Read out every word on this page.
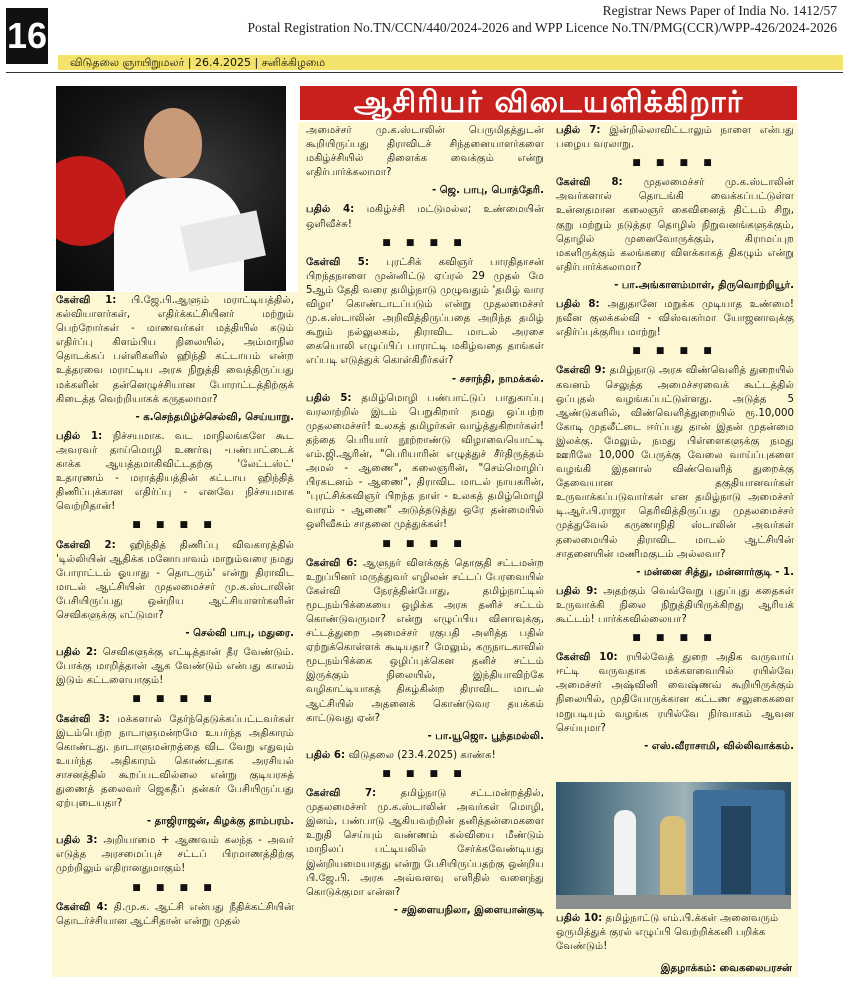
16
Registrar News Paper of India No. 1412/57
Postal Registration No.TN/CCN/440/2024-2026 and WPP Licence No.TN/PMG(CCR)/WPP-426/2024-2026
விடுதலை ஞாயிறுமலர் | 26.4.2025 | சனிக்கிழமை
ஆசிரியர் விடையளிக்கிறார்

கேள்வி 1: பி.ஜே.பி.ஆளும் மராட்டியத்தில், கல்வியாளர்கள், எதிர்க்கட்சியினர் மற்றும் பெற்றோர்கள் - மாணவர்கள் மத்தியில் கடும் எதிர்ப்பு கிளம்பிய நிலையில், அம்மாநில தொடக்கப் பள்ளிகளில் ஹிந்தி கட்டாயம் என்ற உத்தரவை மராட்டிய அரசு நிறுத்தி வைத்திருப்பது மக்களின் தன்னெழுச்சியான போராட்டத்திற்குக் கிடைத்த வெற்றியாகக் கருதலாமா?

- க.செந்தமிழ்ச்செல்வி, செய்யாறு.

பதில் 1: நிச்சயமாக. வட மாநிலங்களே கூட அவரவர் தாய்மொழி உணர்வு -பண்பாட்டைக் காக்க ஆயத்தமாகிவிட்டதற்கு 'லேட்டஸ்ட்' உதாரணம் - மராத்தியத்தின் கட்டாய ஹிந்தித் திணிப்புக்கான எதிர்ப்பு - எனவே நிச்சயமாக வெற்றிதான்!

■ ■ ■ ■

கேள்வி 2: ஹிந்தித் திணிப்பு விவகாரத்தில் 'டில்லியின் ஆதிக்க மனோபாவம் மாறும்வரை நமது போராட்டம் ஓயாது - தொடரும்' என்று திராவிட மாடல் ஆட்சியின் முதலமைச்சர் மு.க.ஸ்டாலின் பேசியிருப்பது ஒன்றிய ஆட்சியாளர்களின் செவிகளுக்கு எட்டுமா?

- செல்வி பாபு, மதுரை.

பதில் 2: செவிகளுக்கு எட்டித்தான் தீர வேண்டும். போக்கு மாறித்தான் ஆக வேண்டும் என்பது காலம் இடும் கட்டளையாகும்!

■ ■ ■ ■

கேள்வி 3: மக்களால் தேர்ந்தெடுக்கப்பட்டவர்கள் இடம்பெற்ற நாடாளுமன்றமே உயர்ந்த அதிகாரம் கொண்டது. நாடாளுமன்றத்தை விட வேறு எதுவும் உயர்ந்த அதிகாரம் கொண்டதாக அரசியல் சாசனத்தில் கூறப்படவில்லை என்று குடியரசுத் துணைத் தலைவர் ஜெகதீப் தன்கர் பேசியிருப்பது ஏற்புடையதா?

- தாஜிராஜன், கிழக்கு தாம்பரம்.

பதில் 3: அறியாமை + ஆணவம் கலந்த - அவர் எடுத்த அரசமைப்புச் சட்டப் பிரமாணத்திற்கு முற்றிலும் எதிரானதுமாகும்!

■ ■ ■ ■

கேள்வி 4: தி.மு.க. ஆட்சி என்பது நீதிக்கட்சியின் தொடர்ச்சியான ஆட்சிதான் என்று முதல்

அமைச்சர் மு.க.ஸ்டாலின் பெருமிதத்துடன் கூறியிருப்பது திராவிடச் சிந்தனையாளர்களை மகிழ்ச்சியில் திளைக்க வைக்கும் என்று எதிர்பார்க்கலாமா?

- ஜெ. பாபு, பொத்தேரி.

பதில் 4: மகிழ்ச்சி மட்டுமல்ல; உண்மையின் ஒளிவீச்சு!

■ ■ ■ ■

கேள்வி 5: புரட்சிக் கவிஞர் பாரதிதாசன் பிறந்தநாளை முன்னிட்டு ஏப்ரல் 29 முதல் மே 5ஆம் தேதி வரை தமிழ்நாடு முழுவதும் 'தமிழ் வார விழா' கொண்டாடப்படும் என்று முதலமைச்சர் மு.க.ஸ்டாலின் அறிவித்திருப்பதை அறிந்த தமிழ் கூறும் நல்லுலகம், திராவிட மாடல் அரசை கையொலி எழுப்பிப் பாராட்டி மகிழ்வதை தாங்கள் எப்படி எடுத்துக் கொள்கிறீர்கள்?

- சசாந்தி, நாமக்கல்.

பதில் 5: தமிழ்மொழி பண்பாட்டுப் பாதுகாப்பு வரலாற்றில் இடம் பெறுகிறார் நமது ஒப்பற்ற முதலமைச்சர்! உலகத் தமிழர்கள் வாழ்த்துகிறார்கள்! தந்தை பெரியார் நூற்றாண்டு விழாவையொட்டி எம்.ஜி.ஆரின், "பெரியாரின் எழுத்துச் சீர்திருத்தம் அமல் - ஆணை", கலைஞரின், "செம்மொழிப் பிரகடனம் - ஆணை", திராவிட மாடல் நாயகரின், "புரட்சிக்கவிஞர் பிறந்த நாள் - உலகத் தமிழ்மொழி வாரம் - ஆணை" அடுத்தடுத்து ஒரே தன்மையில் ஒளிவீசும் சாதனை முத்துக்கள்!

■ ■ ■ ■

கேள்வி 6: ஆளுநர் விளக்குத் தொகுதி சட்டமன்ற உறுப்பினர் மருத்துவர் எழிலன் சட்டப் பேரவையில் கேள்வி நேரத்தின்போது, தமிழ்நாட்டில் மூடநம்பிக்கையை ஒழிக்க அரசு தனிச் சட்டம் கொண்டுவருமா? என்று எழுப்பிய வினாவுக்கு, சட்டத்துறை அமைச்சர் ரகுபதி அளித்த பதில் ஏற்றுக்கொள்ளக் கூடியதா? மேலும், கருநாடகாவில் மூடநம்பிக்கை ஒழிப்புக்கென தனிச் சட்டம் இருக்கும் நிலையில், இந்தியாவிற்கே வழிகாட்டியாகத் திகழ்கின்ற திராவிட மாடல் ஆட்சியில் அதனைக் கொண்டுவர தயக்கம் காட்டுவது ஏன்?

- பா.யூஜொ. பூந்தமல்லி.

பதில் 6: விடுதலை (23.4.2025) காண்க!

■ ■ ■ ■

கேள்வி 7: தமிழ்நாடு சட்டமன்றத்தில், முதலமைச்சர் மு.க.ஸ்டாலின் அவர்கள் மொழி, இனம், பண்பாடு ஆகியவற்றின் தனித்தன்மைகளை உறுதி செய்யும் வண்ணம் கல்வியை மீண்டும் மாநிலப் பட்டியலில் சேர்க்கவேண்டியது இன்றியமையாதது என்று பேசியிருப்பதற்கு ஒன்றிய பி.ஜே.பி. அரசு அவ்வளவு எளிதில் வளைந்து கொடுக்குமா என்ன?

- சஇளையநிலா, இளையான்குடி

பதில் 7: இன்றில்லாவிட்டாலும் நாளை என்பது பழைய வரலாறு.

■ ■ ■ ■

கேள்வி 8: முதலமைச்சர் மு.க.ஸ்டாலின் அவர்களால் தொடங்கி வைக்கப்பட்டுள்ள உன்னதமான கலைஞர் கைவினைத் திட்டம் சிறு, குறு மற்றும் நடுத்தர தொழில் நிறுவனங்களுக்கும், தொழில் முனைவோருக்கும், கிராமப்புற மகளிருக்கும் கலங்கரை விளக்காகத் திகழும் என்று எதிர்பார்க்கலாமா?

- பா.அங்காளம்மாள், திருவொற்றியூர்.

பதில் 8: அதுதானே மறுக்க முடியாத உண்மை! நவீன குலக்கல்வி - விஸ்வகர்மா யோஜனாவுக்கு எதிர்ப்புக்குரிய மாற்று!

■ ■ ■ ■

கேள்வி 9: தமிழ்நாடு அரசு விண்வெளித் துறையில் கவனம் செலுத்த அமைச்சரவைக் கூட்டத்தில் ஒப்புதல் வழங்கப்பட்டுள்ளது. அடுத்த 5 ஆண்டுகளில், விண்வெளித்துறையில் ரூ.10,000 கோடி முதலீட்டை ஈர்ப்பது தான் இதன் முதன்மை இலக்கு. மேலும், நமது பிள்ளைகளுக்கு நமது ஊரிலே 10,000 பேருக்கு வேலை வாய்ப்புகளை வழங்கி இதனால் விண்வெளித் துறைக்கு தேவையான தகுதியானவர்கள் உருவாக்கப்படுவார்கள் என தமிழ்நாடு அமைச்சர் டி.ஆர்.பி.ராஜா தெரிவித்திருப்பது முதலமைச்சர் முத்துவேல் கருணாநிதி ஸ்டாலின் அவர்கள் தலைமையில் திராவிட மாடல் ஆட்சியின் சாதனையின் மணிமகுடம் அல்லவா?

- மன்னை சித்து, மன்னார்குடி - 1.

பதில் 9: அதற்கும் வெவ்வேறு புதுப்புது கதைகள் உருவாக்கி நிலை நிறுத்தியிருக்கிறது ஆரியக் கூட்டம்! பார்க்கவில்லையா?

■ ■ ■ ■

கேள்வி 10: ரயில்வேத் துறை அதிக வருவாய் ஈட்டி வருவதாக மக்களவையில் ரயில்வே அமைச்சர் அஷ்வினி வைஷ்ணவ் கூறியிருக்கும் நிலையில், முதியோருக்கான கட்டண சலுகைகளை மறுபடியும் வழங்க ரயில்வே நிர்வாகம் ஆவன செய்யுமா?

- எஸ்.வீராசாமி, வில்லிவாக்கம்.

பதில் 10: தமிழ்நாட்டு எம்.பி.க்கள் அனைவரும் ஒருமித்துக் குரல் எழுப்பி வெற்றிக்கனி பறிக்க வேண்டும்!
இதழாக்கம்: வைகலைபரசன்
